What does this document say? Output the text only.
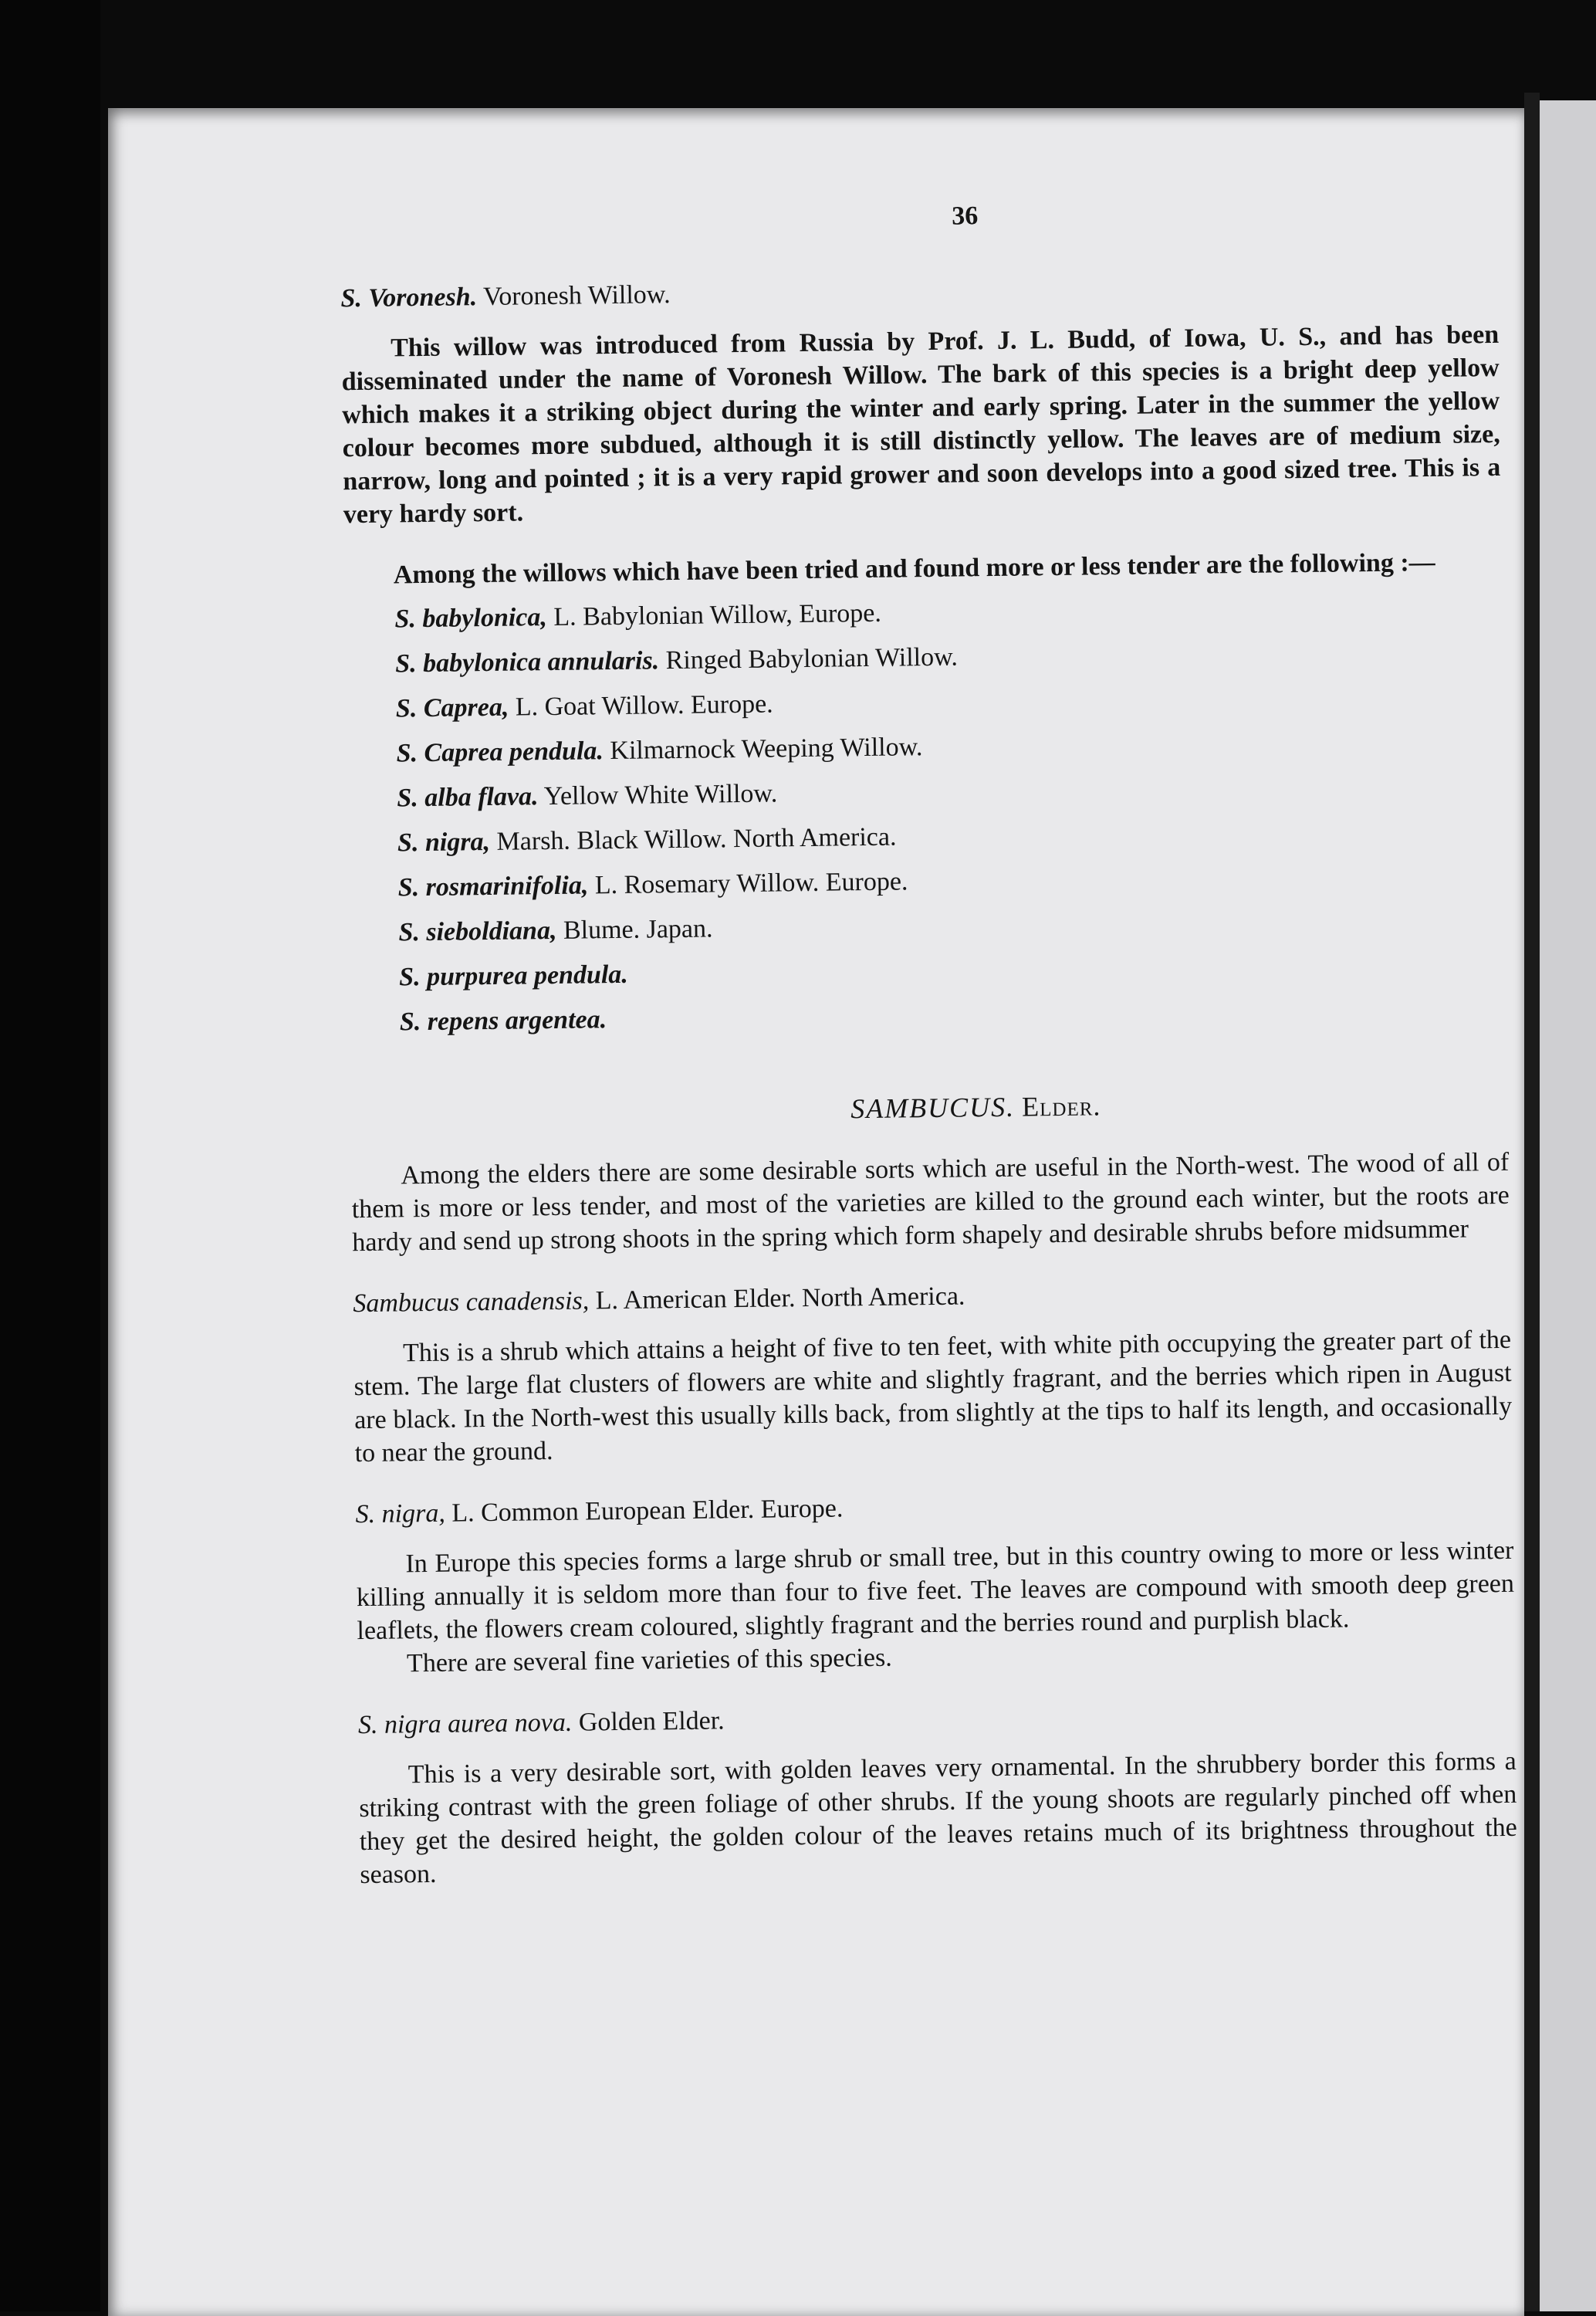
36
S. Voronesh. Voronesh Willow.

This willow was introduced from Russia by Prof. J. L. Budd, of Iowa, U. S., and has been disseminated under the name of Voronesh Willow. The bark of this species is a bright deep yellow which makes it a striking object during the winter and early spring. Later in the summer the yellow colour becomes more subdued, although it is still distinctly yellow. The leaves are of medium size, narrow, long and pointed ; it is a very rapid grower and soon develops into a good sized tree. This is a very hardy sort.

Among the willows which have been tried and found more or less tender are the following :—

S. babylonica, L. Babylonian Willow, Europe.
S. babylonica annularis. Ringed Babylonian Willow.
S. Caprea, L. Goat Willow. Europe.
S. Caprea pendula. Kilmarnock Weeping Willow.
S. alba flava. Yellow White Willow.
S. nigra, Marsh. Black Willow. North America.
S. rosmarinifolia, L. Rosemary Willow. Europe.
S. sieboldiana, Blume. Japan.
S. purpurea pendula.
S. repens argentea.
SAMBUCUS. Elder.

Among the elders there are some desirable sorts which are useful in the North-west. The wood of all of them is more or less tender, and most of the varieties are killed to the ground each winter, but the roots are hardy and send up strong shoots in the spring which form shapely and desirable shrubs before midsummer

Sambucus canadensis, L. American Elder. North America.

This is a shrub which attains a height of five to ten feet, with white pith occupying the greater part of the stem. The large flat clusters of flowers are white and slightly fragrant, and the berries which ripen in August are black. In the North-west this usually kills back, from slightly at the tips to half its length, and occasionally to near the ground.

S. nigra, L. Common European Elder. Europe.

In Europe this species forms a large shrub or small tree, but in this country owing to more or less winter killing annually it is seldom more than four to five feet. The leaves are compound with smooth deep green leaflets, the flowers cream coloured, slightly fragrant and the berries round and purplish black.

There are several fine varieties of this species.

S. nigra aurea nova. Golden Elder.

This is a very desirable sort, with golden leaves very ornamental. In the shrubbery border this forms a striking contrast with the green foliage of other shrubs. If the young shoots are regularly pinched off when they get the desired height, the golden colour of the leaves retains much of its brightness throughout the season.
